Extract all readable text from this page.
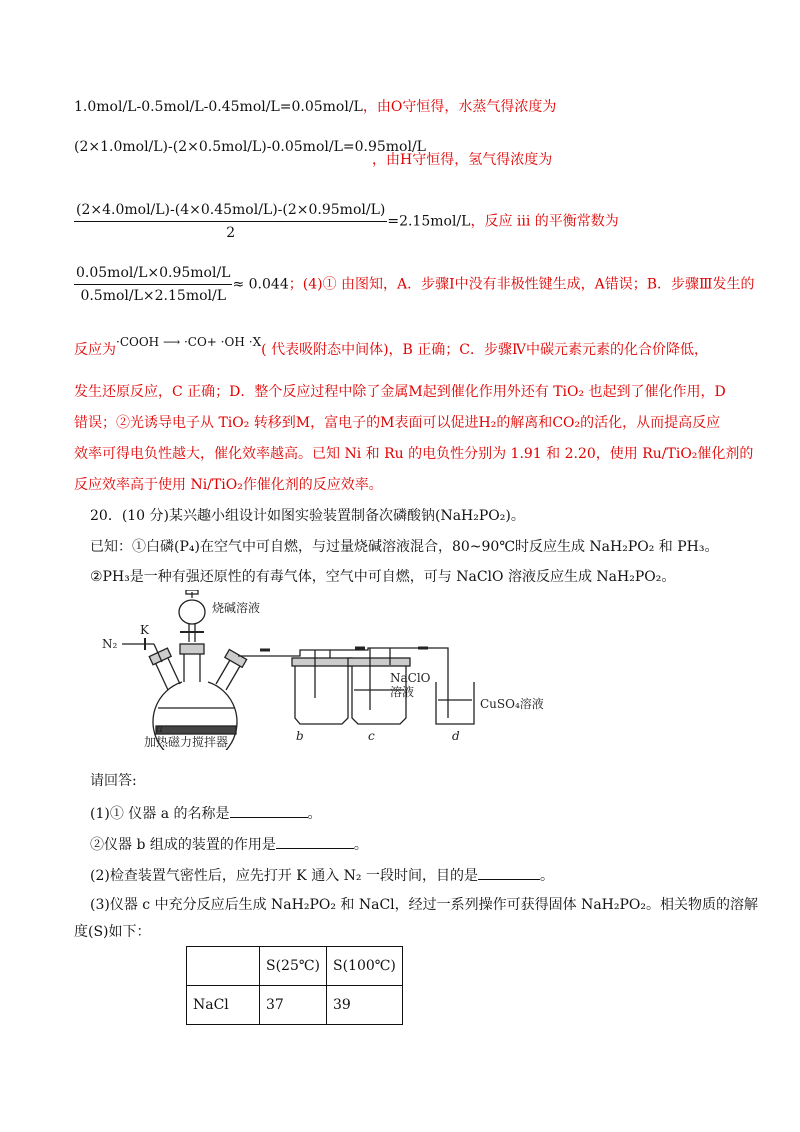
1.0mol/L-0.5mol/L-0.45mol/L=0.05mol/L，由O守恒得，水蒸气得浓度为
(2×1.0mol/L)-(2×0.5mol/L)-0.05mol/L=0.95mol/L
，由H守恒得，氢气得浓度为
$\frac{\text{(2×4.0mol/L)-(4×0.45mol/L)-(2×0.95mol/L)}}{2} =2.15mol/L$，反应 iii 的平衡常数为
$\frac{\text{0.05mol/L×0.95mol/L}}{\text{0.5mol/L×2.15mol/L}} \approx 0.044$；(4)① 由图知，A．步骤Ⅰ中没有非极性键生成，A错误；B．步骤Ⅲ发生的
反应为·COOH ⟶ ·CO+ ·OH ·X( 代表吸附态中间体)，B 正确；C．步骤Ⅳ中碳元素元素的化合价降低，
发生还原反应，C 正确；D．整个反应过程中除了金属M起到催化作用外还有 TiO₂ 也起到了催化作用，D
错误；②光诱导电子从 TiO₂ 转移到M，富电子的M表面可以促进H₂的解离和CO₂的活化，从而提高反应
效率可得电负性越大，催化效率越高。已知 Ni 和 Ru 的电负性分别为 1.91 和 2.20，使用 Ru/TiO₂催化剂的
反应效率高于使用 Ni/TiO₂作催化剂的反应效率。
20．(10 分)某兴趣小组设计如图实验装置制备次磷酸钠(NaH₂PO₂)。
已知：①白磷(P₄)在空气中可自燃，与过量烧碱溶液混合，80~90℃时反应生成 NaH₂PO₂ 和 PH₃。
②PH₃是一种有强还原性的有毒气体，空气中可自燃，可与 NaClO 溶液反应生成 NaH₂PO₂。
烧碱溶液
K
N₂
a
加热磁力搅拌器	b	c	d
NaClO
溶液
CuSO₄溶液
请回答:
(1)① 仪器 a 的名称是	。
②仪器 b 组成的装置的作用是	。
(2)检查装置气密性后，应先打开 K 通入 N₂ 一段时间，目的是	。
(3)仪器 c 中充分反应后生成 NaH₂PO₂ 和 NaCl，经过一系列操作可获得固体 NaH₂PO₂。相关物质的溶解
度(S)如下：
	S(25℃)	S(100℃)
NaCl	37	39
